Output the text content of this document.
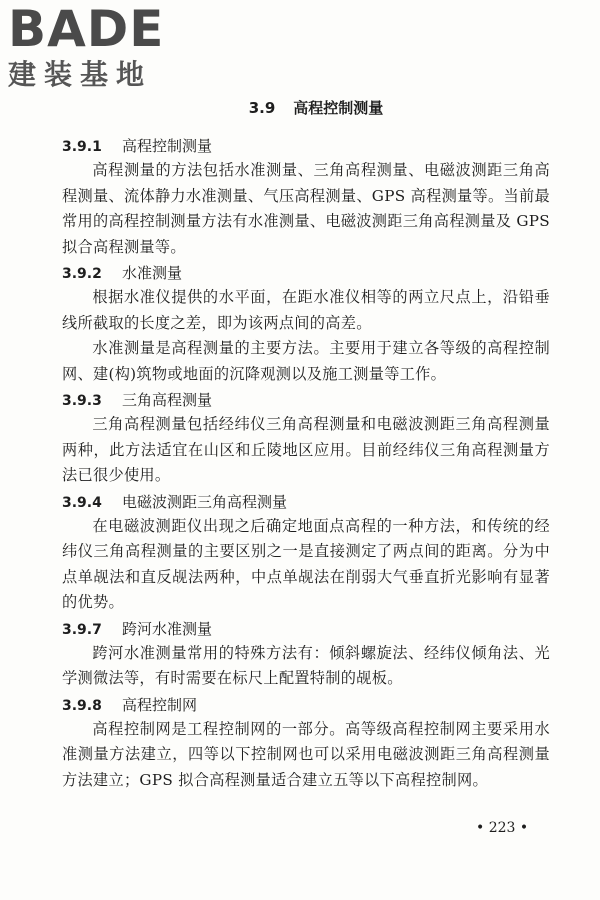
BADE
建装基地
3.9 高程控制测量
3.9.1 高程控制测量

高程测量的方法包括水准测量、三角高程测量、电磁波测距三角高程测量、流体静力水准测量、气压高程测量、GPS 高程测量等。当前最常用的高程控制测量方法有水准测量、电磁波测距三角高程测量及 GPS 拟合高程测量等。

3.9.2 水准测量

根据水准仪提供的水平面，在距水准仪相等的两立尺点上，沿铅垂线所截取的长度之差，即为该两点间的高差。

水准测量是高程测量的主要方法。主要用于建立各等级的高程控制网、建(构)筑物或地面的沉降观测以及施工测量等工作。

3.9.3 三角高程测量

三角高程测量包括经纬仪三角高程测量和电磁波测距三角高程测量两种，此方法适宜在山区和丘陵地区应用。目前经纬仪三角高程测量方法已很少使用。

3.9.4 电磁波测距三角高程测量

在电磁波测距仪出现之后确定地面点高程的一种方法，和传统的经纬仪三角高程测量的主要区别之一是直接测定了两点间的距离。分为中点单觇法和直反觇法两种，中点单觇法在削弱大气垂直折光影响有显著的优势。

3.9.7 跨河水准测量

跨河水准测量常用的特殊方法有：倾斜螺旋法、经纬仪倾角法、光学测微法等，有时需要在标尺上配置特制的觇板。

3.9.8 高程控制网

高程控制网是工程控制网的一部分。高等级高程控制网主要采用水准测量方法建立，四等以下控制网也可以采用电磁波测距三角高程测量方法建立；GPS 拟合高程测量适合建立五等以下高程控制网。

• 223 •
